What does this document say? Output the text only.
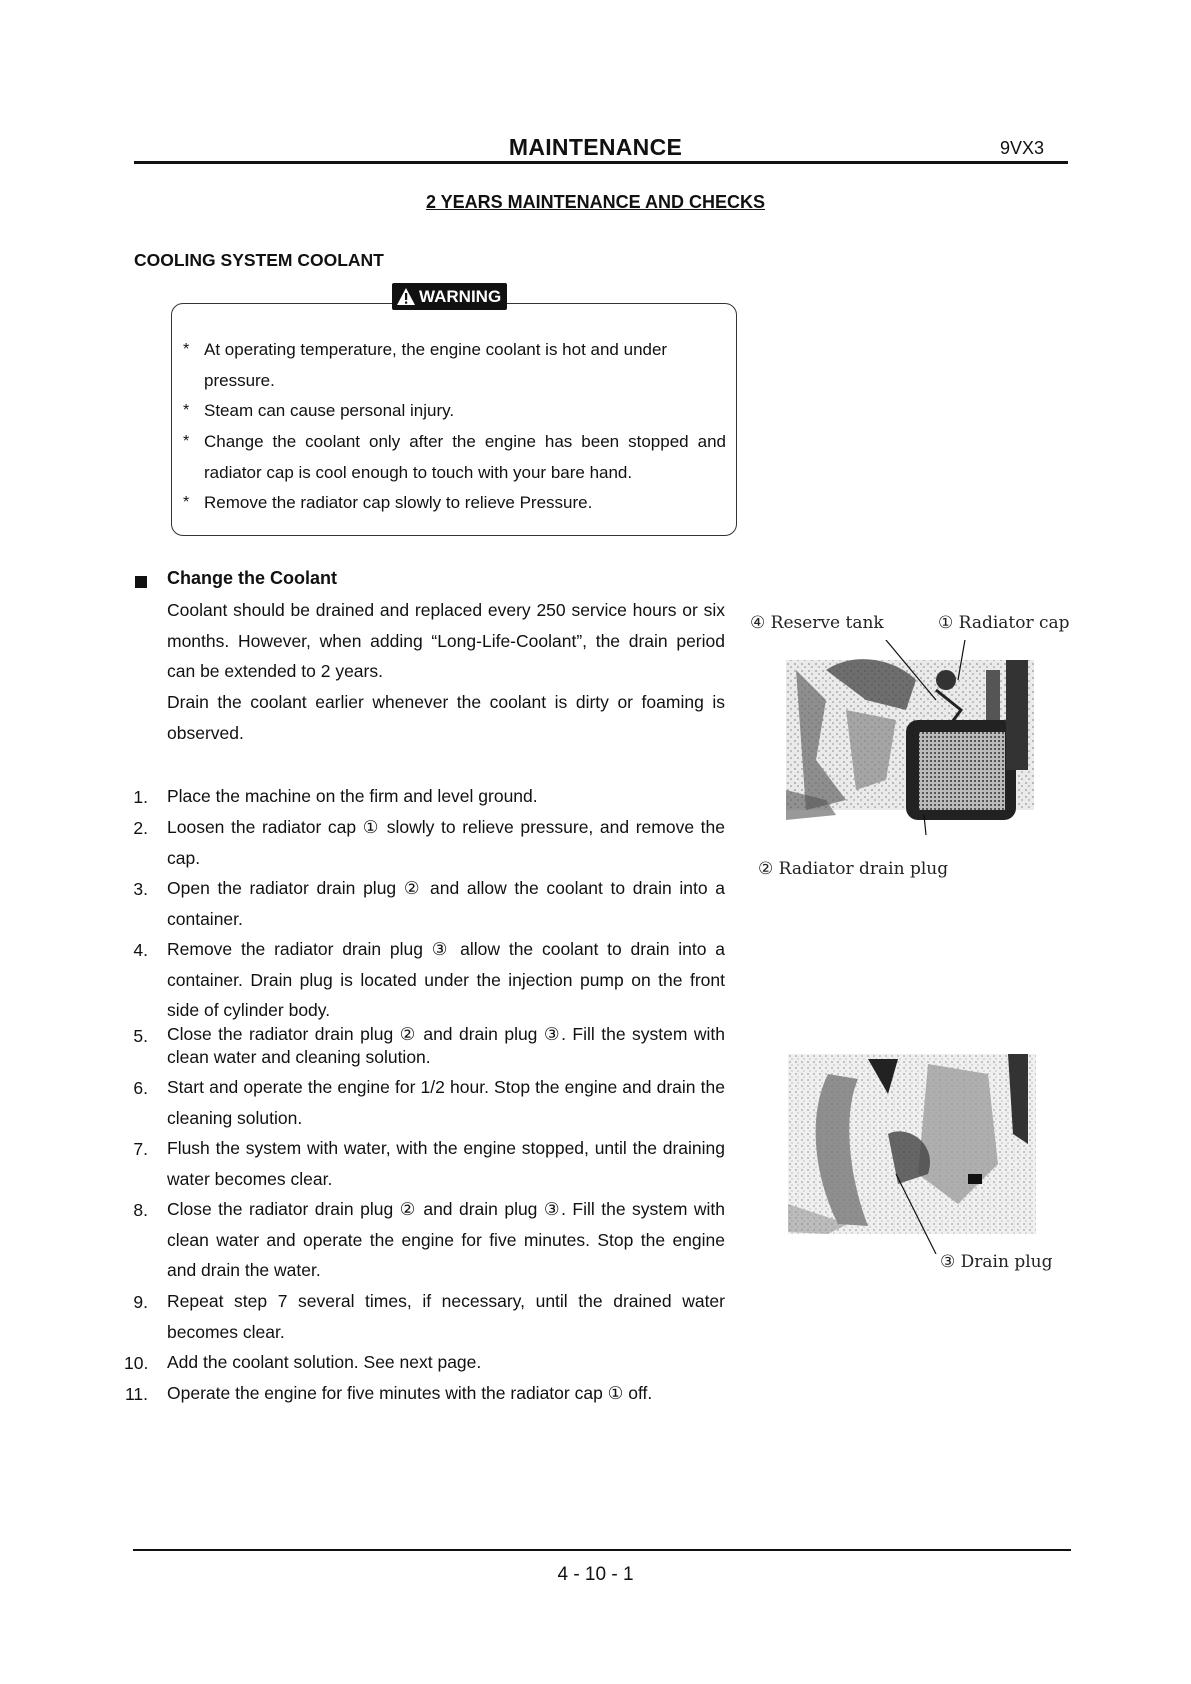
MAINTENANCE	9VX3
2 YEARS MAINTENANCE AND CHECKS
COOLING SYSTEM COOLANT
WARNING
* At operating temperature, the engine coolant is hot and under pressure.
* Steam can cause personal injury.
* Change the coolant only after the engine has been stopped and radiator cap is cool enough to touch with your bare hand.
* Remove the radiator cap slowly to relieve Pressure.
Change the Coolant
Coolant should be drained and replaced every 250 service hours or six months. However, when adding “Long-Life-Coolant”, the drain period can be extended to 2 years.
Drain the coolant earlier whenever the coolant is dirty or foaming is observed.
1. Place the machine on the firm and level ground.
2. Loosen the radiator cap ① slowly to relieve pressure, and remove the cap.
3. Open the radiator drain plug ② and allow the coolant to drain into a container.
4. Remove the radiator drain plug ③ allow the coolant to drain into a container. Drain plug is located under the injection pump on the front side of cylinder body.
5. Close the radiator drain plug ② and drain plug ③. Fill the system with clean water and cleaning solution.
6. Start and operate the engine for 1/2 hour. Stop the engine and drain the cleaning solution.
7. Flush the system with water, with the engine stopped, until the draining water becomes clear.
8. Close the radiator drain plug ② and drain plug ③. Fill the system with clean water and operate the engine for five minutes. Stop the engine and drain the water.
9. Repeat step 7 several times, if necessary, until the drained water becomes clear.
10. Add the coolant solution. See next page.
11. Operate the engine for five minutes with the radiator cap ① off.
④ Reserve tank	① Radiator cap
② Radiator drain plug
③ Drain plug
4 - 10 - 1
